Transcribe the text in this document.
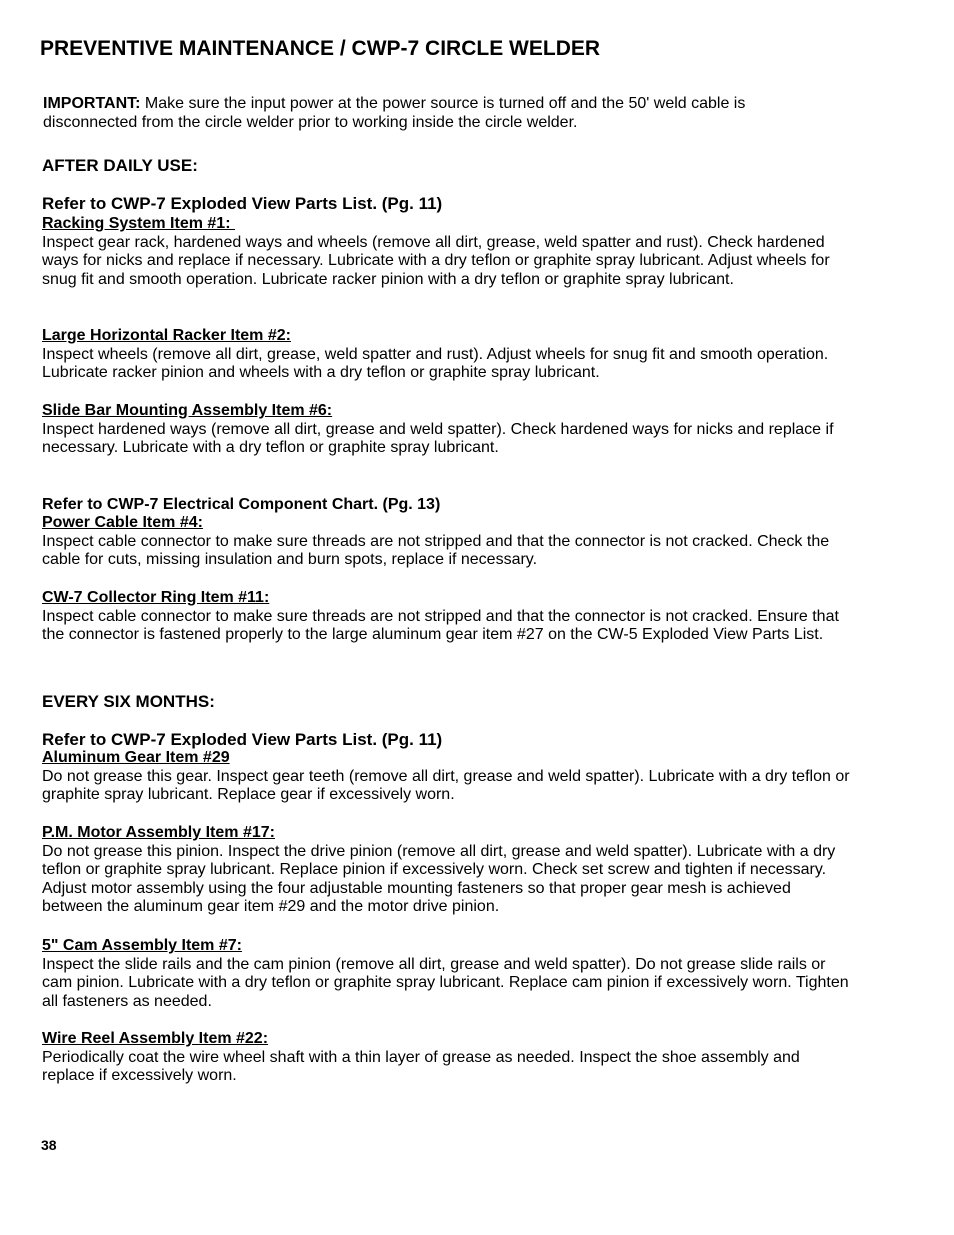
PREVENTIVE MAINTENANCE / CWP-7 CIRCLE WELDER

IMPORTANT: Make sure the input power at the power source is turned off and the 50' weld cable is disconnected from the circle welder prior to working inside the circle welder.

AFTER DAILY USE:

Refer to CWP-7 Exploded View Parts List. (Pg. 11)

Racking System Item #1:
Inspect gear rack, hardened ways and wheels (remove all dirt, grease, weld spatter and rust). Check hardened ways for nicks and replace if necessary. Lubricate with a dry teflon or graphite spray lubricant. Adjust wheels for snug fit and smooth operation. Lubricate racker pinion with a dry teflon or graphite spray lubricant.
Large Horizontal Racker Item #2:
Inspect wheels (remove all dirt, grease, weld spatter and rust). Adjust wheels for snug fit and smooth operation. Lubricate racker pinion and wheels with a dry teflon or graphite spray lubricant.
Slide Bar Mounting Assembly Item #6:
Inspect hardened ways (remove all dirt, grease and weld spatter). Check hardened ways for nicks and replace if necessary. Lubricate with a dry teflon or graphite spray lubricant.

Refer to CWP-7 Electrical Component Chart. (Pg. 13)

Power Cable Item #4:
Inspect cable connector to make sure threads are not stripped and that the connector is not cracked. Check the cable for cuts, missing insulation and burn spots, replace if necessary.
CW-7 Collector Ring Item #11:
Inspect cable connector to make sure threads are not stripped and that the connector is not cracked. Ensure that the connector is fastened properly to the large aluminum gear item #27 on the CW-5 Exploded View Parts List.
EVERY SIX MONTHS:

Refer to CWP-7 Exploded View Parts List. (Pg. 11)

Aluminum Gear Item #29
Do not grease this gear. Inspect gear teeth (remove all dirt, grease and weld spatter). Lubricate with a dry teflon or graphite spray lubricant. Replace gear if excessively worn.
P.M. Motor Assembly Item #17:
Do not grease this pinion. Inspect the drive pinion (remove all dirt, grease and weld spatter). Lubricate with a dry teflon or graphite spray lubricant. Replace pinion if excessively worn. Check set screw and tighten if necessary. Adjust motor assembly using the four adjustable mounting fasteners so that proper gear mesh is achieved between the aluminum gear item #29 and the motor drive pinion.
5" Cam Assembly Item #7:
Inspect the slide rails and the cam pinion (remove all dirt, grease and weld spatter). Do not grease slide rails or cam pinion. Lubricate with a dry teflon or graphite spray lubricant. Replace cam pinion if excessively worn. Tighten all fasteners as needed.
Wire Reel Assembly Item #22:
Periodically coat the wire wheel shaft with a thin layer of grease as needed. Inspect the shoe assembly and replace if excessively worn.

38
